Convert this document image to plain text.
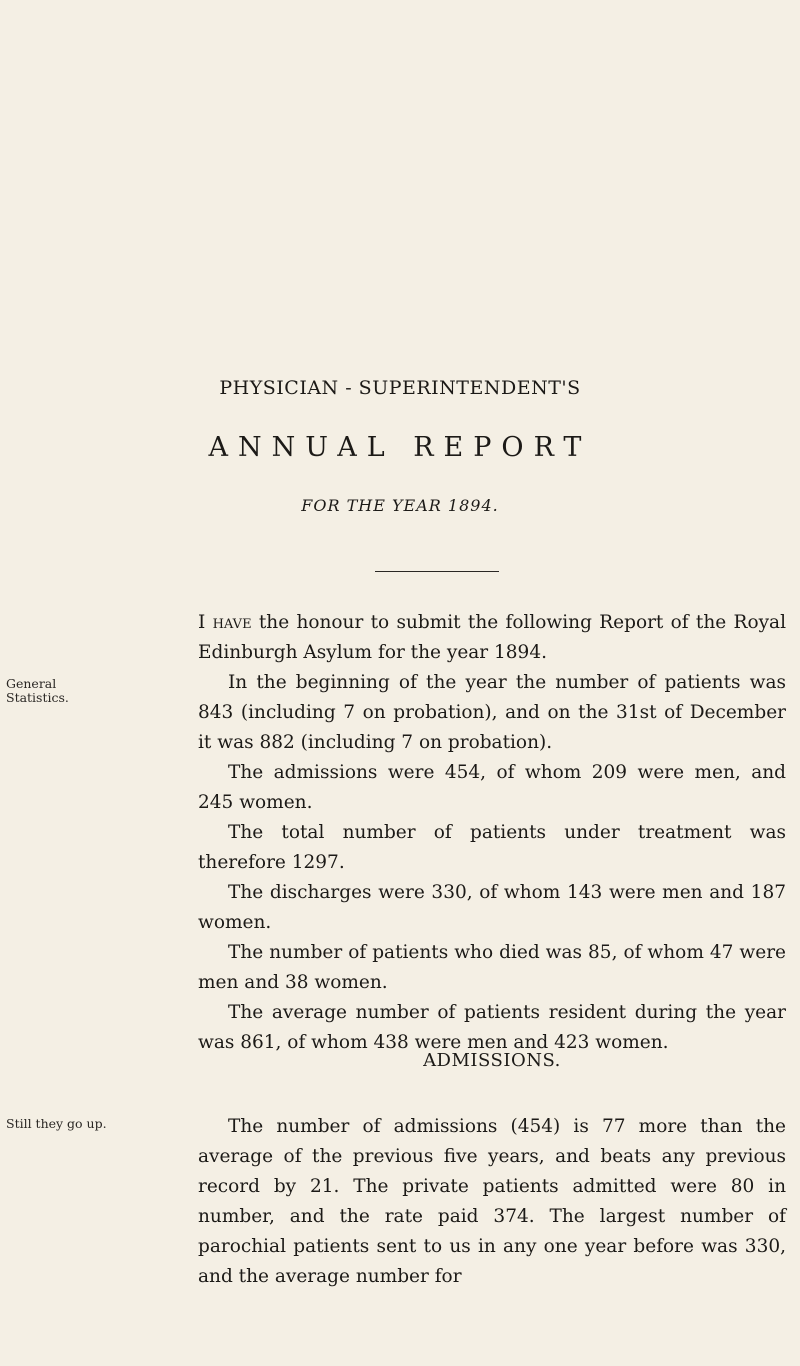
PHYSICIAN - SUPERINTENDENT'S
ANNUAL REPORT
FOR THE YEAR 1894.
General
Statistics.

I have the honour to submit the following Report of the Royal Edinburgh Asylum for the year 1894.

In the beginning of the year the number of patients was 843 (including 7 on probation), and on the 31st of December it was 882 (including 7 on probation).

The admissions were 454, of whom 209 were men, and 245 women.

The total number of patients under treatment was therefore 1297.

The discharges were 330, of whom 143 were men and 187 women.

The number of patients who died was 85, of whom 47 were men and 38 women.

The average number of patients resident during the year was 861, of whom 438 were men and 423 women.

ADMISSIONS.
Still they go up.	The number of admissions (454) is 77 more than the average of the previous five years, and beats any previous record by 21. The private patients admitted were 80 in number, and the rate paid 374. The largest number of parochial patients sent to us in any one year before was 330, and the average number for
